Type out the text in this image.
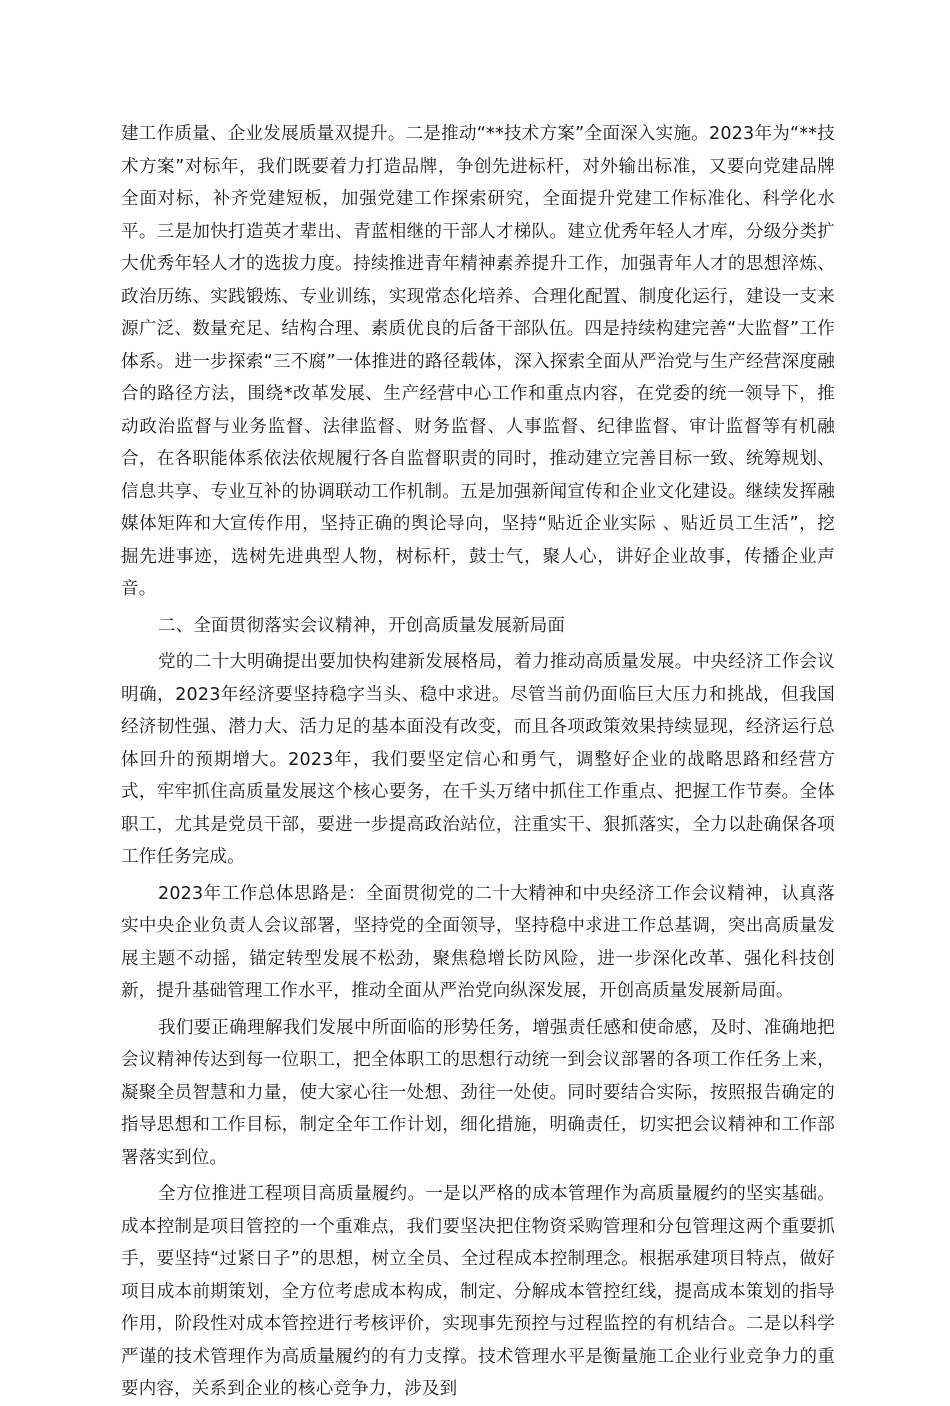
建工作质量、企业发展质量双提升。二是推动“**技术方案”全面深入实施。2023年为“**技术方案”对标年，我们既要着力打造品牌，争创先进标杆，对外输出标准，又要向党建品牌全面对标，补齐党建短板，加强党建工作探索研究，全面提升党建工作标准化、科学化水平。三是加快打造英才辈出、青蓝相继的干部人才梯队。建立优秀年轻人才库，分级分类扩大优秀年轻人才的选拔力度。持续推进青年精神素养提升工作，加强青年人才的思想淬炼、政治历练、实践锻炼、专业训练，实现常态化培养、合理化配置、制度化运行，建设一支来源广泛、数量充足、结构合理、素质优良的后备干部队伍。四是持续构建完善“大监督”工作体系。进一步探索“三不腐”一体推进的路径载体，深入探索全面从严治党与生产经营深度融合的路径方法，围绕*改革发展、生产经营中心工作和重点内容，在党委的统一领导下，推动政治监督与业务监督、法律监督、财务监督、人事监督、纪律监督、审计监督等有机融合，在各职能体系依法依规履行各自监督职责的同时，推动建立完善目标一致、统筹规划、信息共享、专业互补的协调联动工作机制。五是加强新闻宣传和企业文化建设。继续发挥融媒体矩阵和大宣传作用，坚持正确的舆论导向，坚持“贴近企业实际 、贴近员工生活”，挖掘先进事迹，选树先进典型人物，树标杆，鼓士气，聚人心，讲好企业故事，传播企业声音。

二、全面贯彻落实会议精神，开创高质量发展新局面

党的二十大明确提出要加快构建新发展格局，着力推动高质量发展。中央经济工作会议明确，2023年经济要坚持稳字当头、稳中求进。尽管当前仍面临巨大压力和挑战，但我国经济韧性强、潜力大、活力足的基本面没有改变，而且各项政策效果持续显现，经济运行总体回升的预期增大。2023年，我们要坚定信心和勇气，调整好企业的战略思路和经营方式，牢牢抓住高质量发展这个核心要务，在千头万绪中抓住工作重点、把握工作节奏。全体职工，尤其是党员干部，要进一步提高政治站位，注重实干、狠抓落实，全力以赴确保各项工作任务完成。

2023年工作总体思路是：全面贯彻党的二十大精神和中央经济工作会议精神，认真落实中央企业负责人会议部署，坚持党的全面领导，坚持稳中求进工作总基调，突出高质量发展主题不动摇，锚定转型发展不松劲，聚焦稳增长防风险，进一步深化改革、强化科技创新，提升基础管理工作水平，推动全面从严治党向纵深发展，开创高质量发展新局面。

我们要正确理解我们发展中所面临的形势任务，增强责任感和使命感，及时、准确地把会议精神传达到每一位职工，把全体职工的思想行动统一到会议部署的各项工作任务上来，凝聚全员智慧和力量，使大家心往一处想、劲往一处使。同时要结合实际，按照报告确定的指导思想和工作目标，制定全年工作计划，细化措施，明确责任，切实把会议精神和工作部署落实到位。

全方位推进工程项目高质量履约。一是以严格的成本管理作为高质量履约的坚实基础。成本控制是项目管控的一个重难点，我们要坚决把住物资采购管理和分包管理这两个重要抓手，要坚持“过紧日子”的思想，树立全员、全过程成本控制理念。根据承建项目特点，做好项目成本前期策划，全方位考虑成本构成，制定、分解成本管控红线，提高成本策划的指导作用，阶段性对成本管控进行考核评价，实现事先预控与过程监控的有机结合。二是以科学严谨的技术管理作为高质量履约的有力支撑。技术管理水平是衡量施工企业行业竞争力的重要内容，关系到企业的核心竞争力，涉及到
